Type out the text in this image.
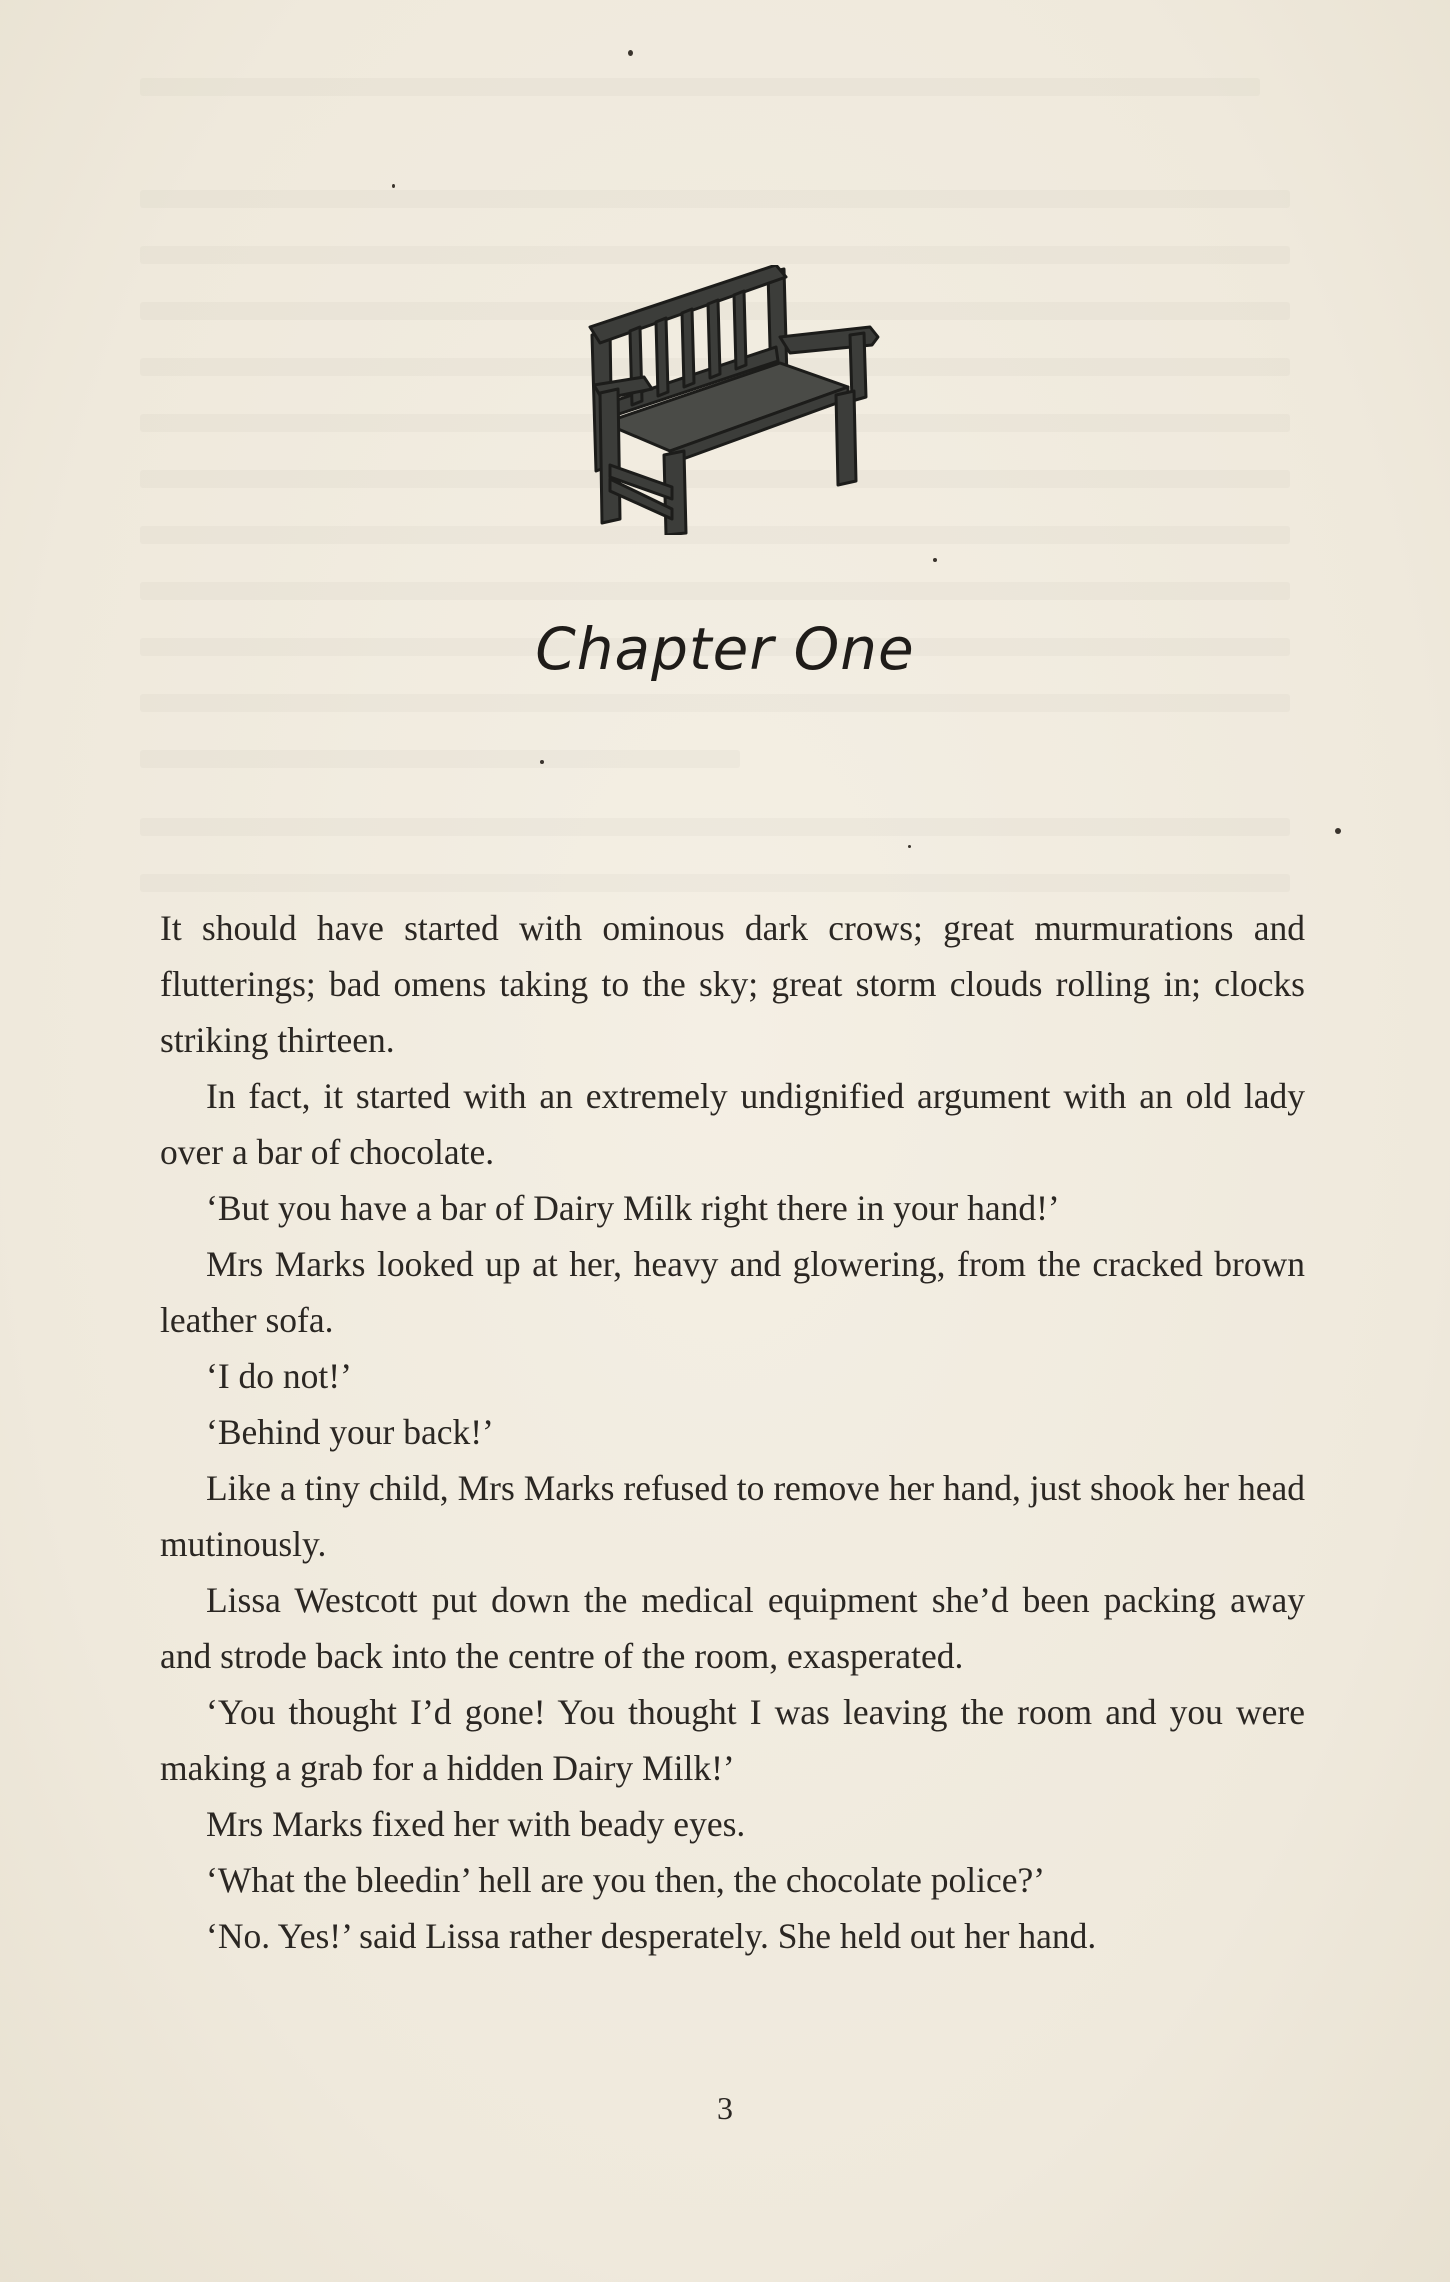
Chapter One

It should have started with ominous dark crows; great murmurations and flutterings; bad omens taking to the sky; great storm clouds rolling in; clocks striking thirteen.

In fact, it started with an extremely undignified argument with an old lady over a bar of chocolate.

‘But you have a bar of Dairy Milk right there in your hand!’

Mrs Marks looked up at her, heavy and glowering, from the cracked brown leather sofa.

‘I do not!’

‘Behind your back!’

Like a tiny child, Mrs Marks refused to remove her hand, just shook her head mutinously.

Lissa Westcott put down the medical equipment she’d been packing away and strode back into the centre of the room, exasperated.

‘You thought I’d gone! You thought I was leaving the room and you were making a grab for a hidden Dairy Milk!’

Mrs Marks fixed her with beady eyes.

‘What the bleedin’ hell are you then, the chocolate police?’

‘No. Yes!’ said Lissa rather desperately. She held out her hand.

3
